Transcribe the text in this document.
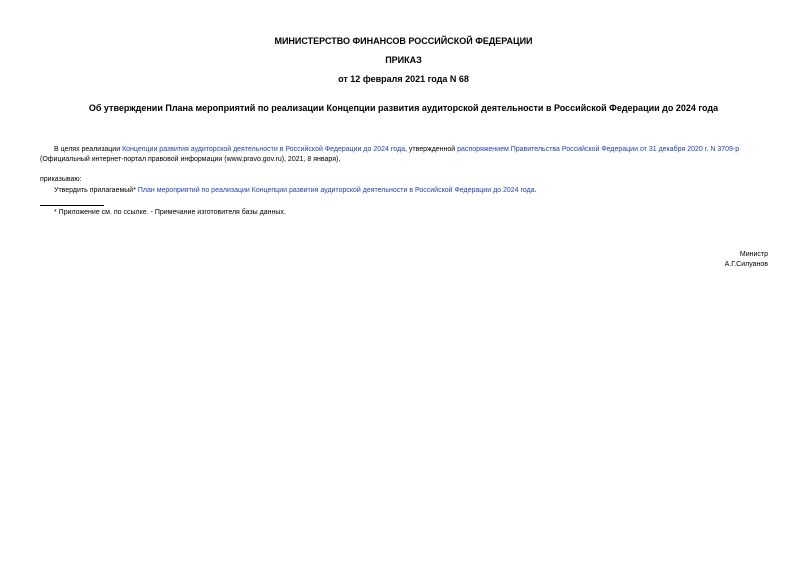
МИНИСТЕРСТВО ФИНАНСОВ РОССИЙСКОЙ ФЕДЕРАЦИИ
ПРИКАЗ
от 12 февраля 2021 года N 68
Об утверждении Плана мероприятий по реализации Концепции развития аудиторской деятельности в Российской Федерации до 2024 года
В целях реализации Концепции развития аудиторской деятельности в Российской Федерации до 2024 года, утвержденной распоряжением Правительства Российской Федерации от 31 декабря 2020 г. N 3709-р
(Официальный интернет-портал правовой информации (www.pravo.gov.ru), 2021, 8 января),
приказываю:
Утвердить прилагаемый* План мероприятий по реализации Концепции развития аудиторской деятельности в Российской Федерации до 2024 года.
* Приложение см. по ссылке. - Примечание изготовителя базы данных.
Министр
А.Г.Силуанов
